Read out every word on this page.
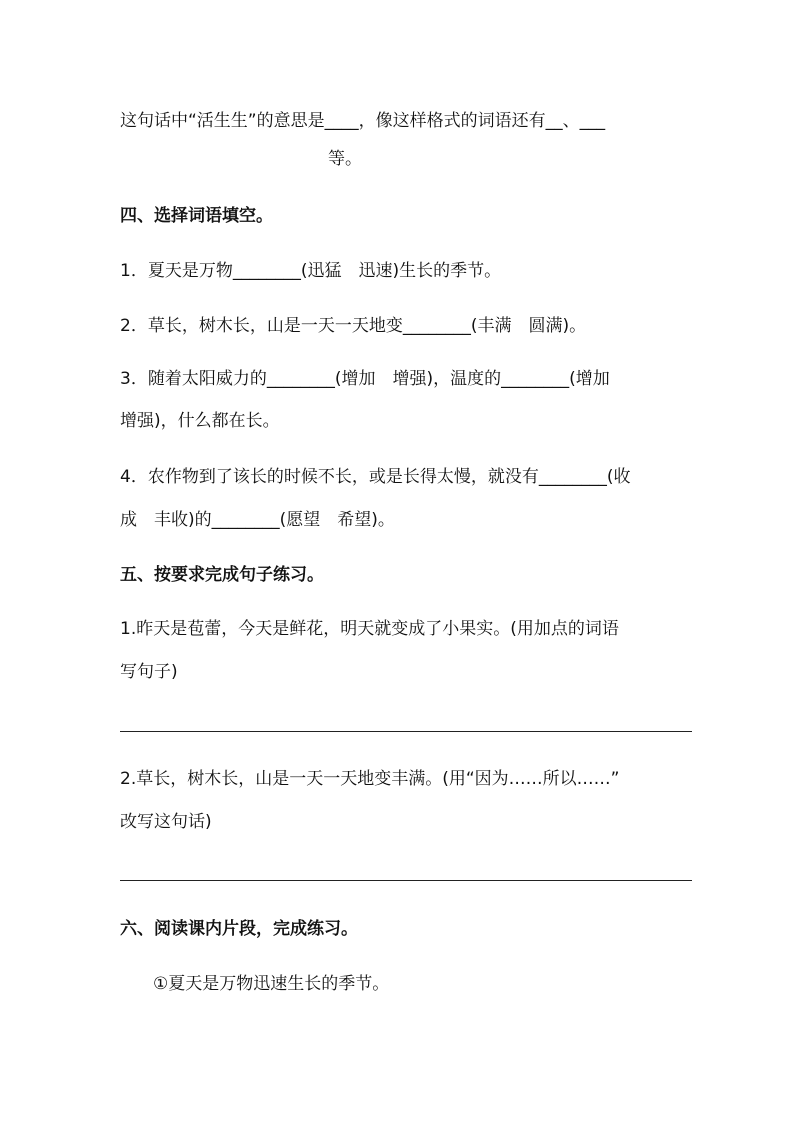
这句话中“活生生”的意思是____，像这样格式的词语还有__、___

等。

四、选择词语填空。

1．夏天是万物________(迅猛　迅速)生长的季节。

2．草长，树木长，山是一天一天地变________(丰满　圆满)。

3．随着太阳威力的________(增加　增强)，温度的________(增加

增强)，什么都在长。

4．农作物到了该长的时候不长，或是长得太慢，就没有________(收

成　丰收)的________(愿望　希望)。

五、按要求完成句子练习。

1.昨天是苞蕾，今天是鲜花，明天就变成了小果实。(用加点的词语

写句子)

2.草长，树木长，山是一天一天地变丰满。(用“因为……所以……”

改写这句话)

六、阅读课内片段，完成练习。

①夏天是万物迅速生长的季节。
